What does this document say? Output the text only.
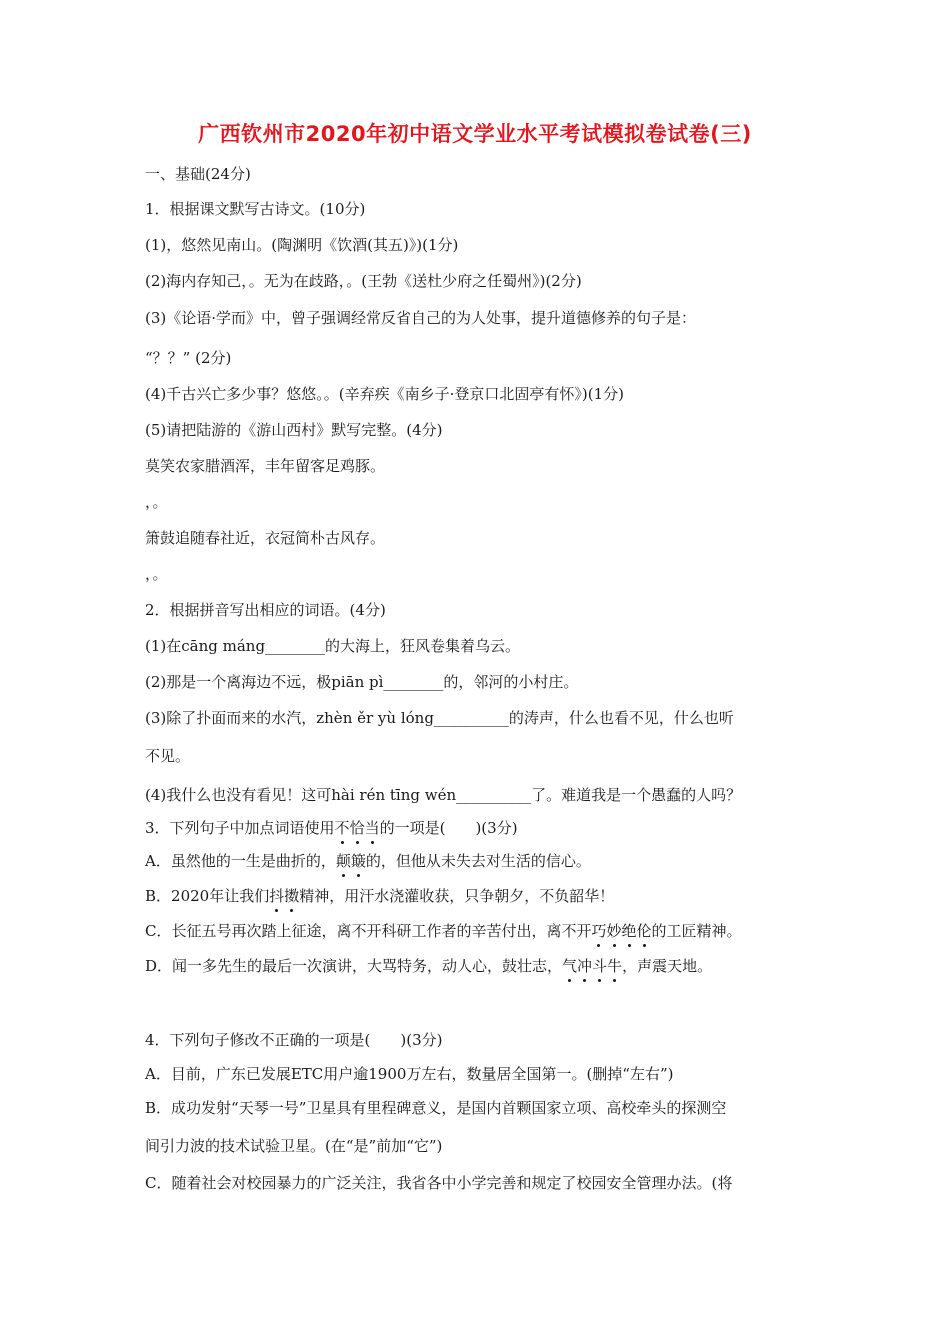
广西钦州市2020年初中语文学业水平考试模拟卷试卷(三)
一、基础(24分)
1．根据课文默写古诗文。(10分)
(1)，悠然见南山。(陶渊明《饮酒(其五)》)(1分)
(2)海内存知己，。无为在歧路，。(王勃《送杜少府之任蜀州》)(2分)
(3)《论语·学而》中，曾子强调经常反省自己的为人处事，提升道德修养的句子是：
“？？” (2分)
(4)千古兴亡多少事？悠悠。。(辛弃疾《南乡子·登京口北固亭有怀》)(1分)
(5)请把陆游的《游山西村》默写完整。(4分)
莫笑农家腊酒浑，丰年留客足鸡豚。
，。
箫鼓追随春社近，衣冠简朴古风存。
，。
2．根据拼音写出相应的词语。(4分)
(1)在cāng máng________的大海上，狂风卷集着乌云。
(2)那是一个离海边不远，极piān pì________的，邻河的小村庄。
(3)除了扑面而来的水汽，zhèn ěr yù lóng__________的涛声，什么也看不见，什么也听
不见。
(4)我什么也没有看见！这可hài rén tīng wén__________了。难道我是一个愚蠢的人吗？
3．下列句子中加点词语使用不恰当的一项是(　　)(3分)
A．虽然他的一生是曲折的，颠簸的，但他从未失去对生活的信心。
B．2020年让我们抖擞精神，用汗水浇灌收获，只争朝夕，不负韶华！
C．长征五号再次踏上征途，离不开科研工作者的辛苦付出，离不开巧妙绝伦的工匠精神。
D．闻一多先生的最后一次演讲，大骂特务，动人心，鼓壮志，气冲斗牛，声震天地。
4．下列句子修改不正确的一项是(　　)(3分)
A．目前，广东已发展ETC用户逾1900万左右，数量居全国第一。(删掉“左右”)
B．成功发射“天琴一号”卫星具有里程碑意义，是国内首颗国家立项、高校牵头的探测空
间引力波的技术试验卫星。(在“是”前加“它”)
C．随着社会对校园暴力的广泛关注，我省各中小学完善和规定了校园安全管理办法。(将
